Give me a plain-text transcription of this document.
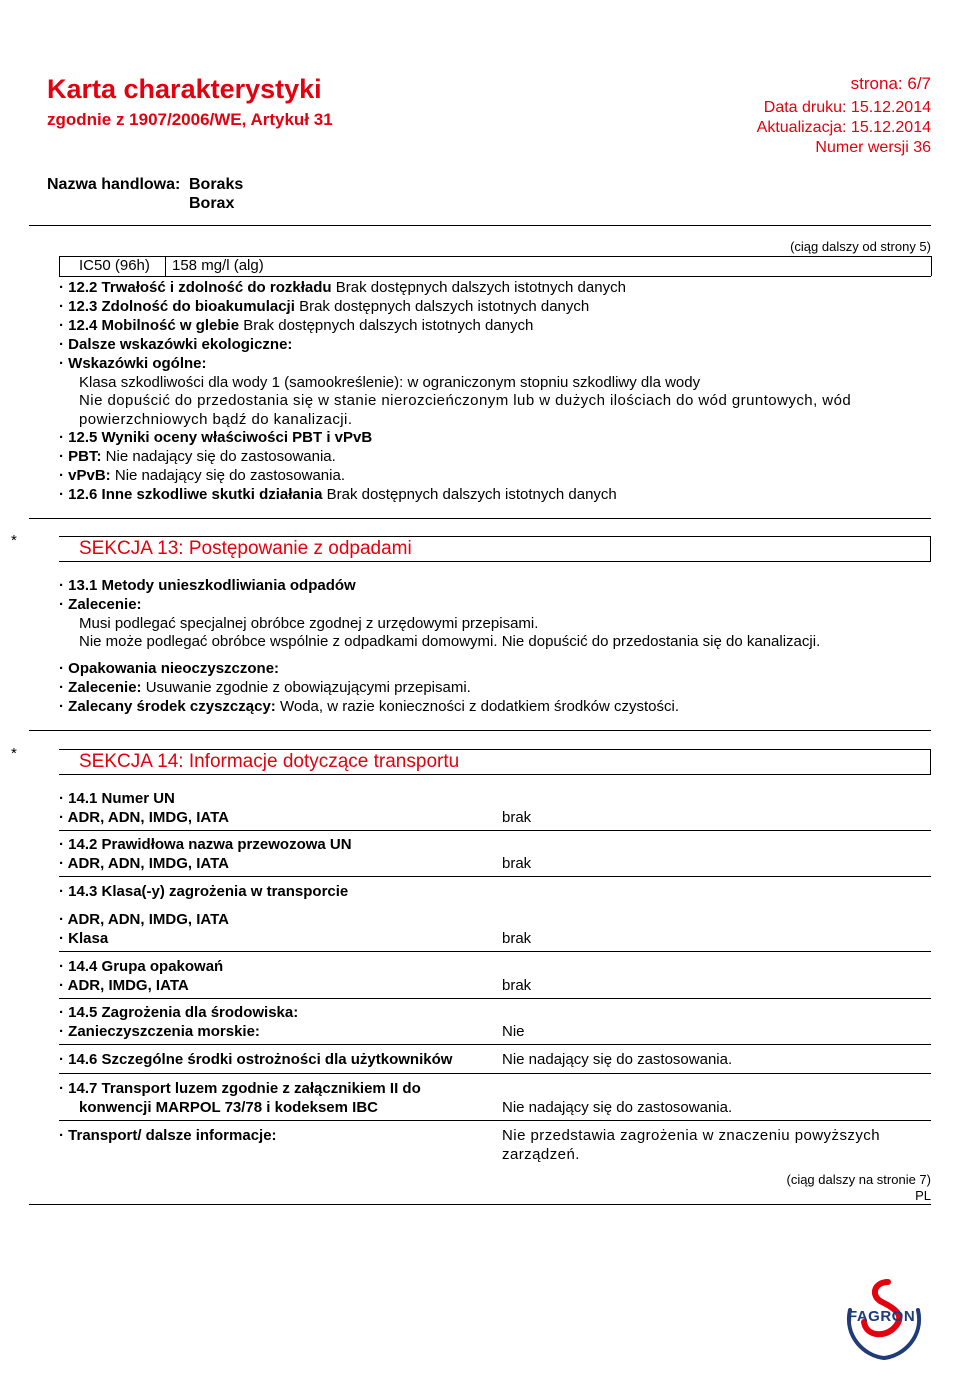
Karta charakterystyki
zgodnie z 1907/2006/WE, Artykuł 31
strona: 6/7
Data druku: 15.12.2014
Aktualizacja: 15.12.2014
Numer wersji 36
Nazwa handlowa: Boraks
Borax
(ciąg dalszy od strony 5)
IC50 (96h) 158 mg/l (alg)
· 12.2 Trwałość i zdolność do rozkładu Brak dostępnych dalszych istotnych danych
· 12.3 Zdolność do bioakumulacji Brak dostępnych dalszych istotnych danych
· 12.4 Mobilność w glebie Brak dostępnych dalszych istotnych danych
· Dalsze wskazówki ekologiczne:
· Wskazówki ogólne:
Klasa szkodliwości dla wody 1 (samookreślenie): w ograniczonym stopniu szkodliwy dla wody
Nie dopuścić do przedostania się w stanie nierozcieńczonym lub w dużych ilościach do wód gruntowych, wód powierzchniowych bądź do kanalizacji.
· 12.5 Wyniki oceny właściwości PBT i vPvB
· PBT: Nie nadający się do zastosowania.
· vPvB: Nie nadający się do zastosowania.
· 12.6 Inne szkodliwe skutki działania Brak dostępnych dalszych istotnych danych
*	SEKCJA 13: Postępowanie z odpadami
· 13.1 Metody unieszkodliwiania odpadów
· Zalecenie:
Musi podlegać specjalnej obróbce zgodnej z urzędowymi przepisami.
Nie może podlegać obróbce wspólnie z odpadkami domowymi. Nie dopuścić do przedostania się do kanalizacji.
· Opakowania nieoczyszczone:
· Zalecenie: Usuwanie zgodnie z obowiązującymi przepisami.
· Zalecany środek czyszczący: Woda, w razie konieczności z dodatkiem środków czystości.
*	SEKCJA 14: Informacje dotyczące transportu
· 14.1 Numer UN
· ADR, ADN, IMDG, IATA	brak
· 14.2 Prawidłowa nazwa przewozowa UN
· ADR, ADN, IMDG, IATA	brak
· 14.3 Klasa(-y) zagrożenia w transporcie
· ADR, ADN, IMDG, IATA
· Klasa	brak
· 14.4 Grupa opakowań
· ADR, IMDG, IATA	brak
· 14.5 Zagrożenia dla środowiska:
· Zanieczyszczenia morskie:	Nie
· 14.6 Szczególne środki ostrożności dla użytkowników	Nie nadający się do zastosowania.
· 14.7 Transport luzem zgodnie z załącznikiem II do
konwencji MARPOL 73/78 i kodeksem IBC	Nie nadający się do zastosowania.
· Transport/ dalsze informacje:	Nie przedstawia zagrożenia w znaczeniu powyższych zarządzeń.
(ciąg dalszy na stronie 7)
PL
FAGRON
